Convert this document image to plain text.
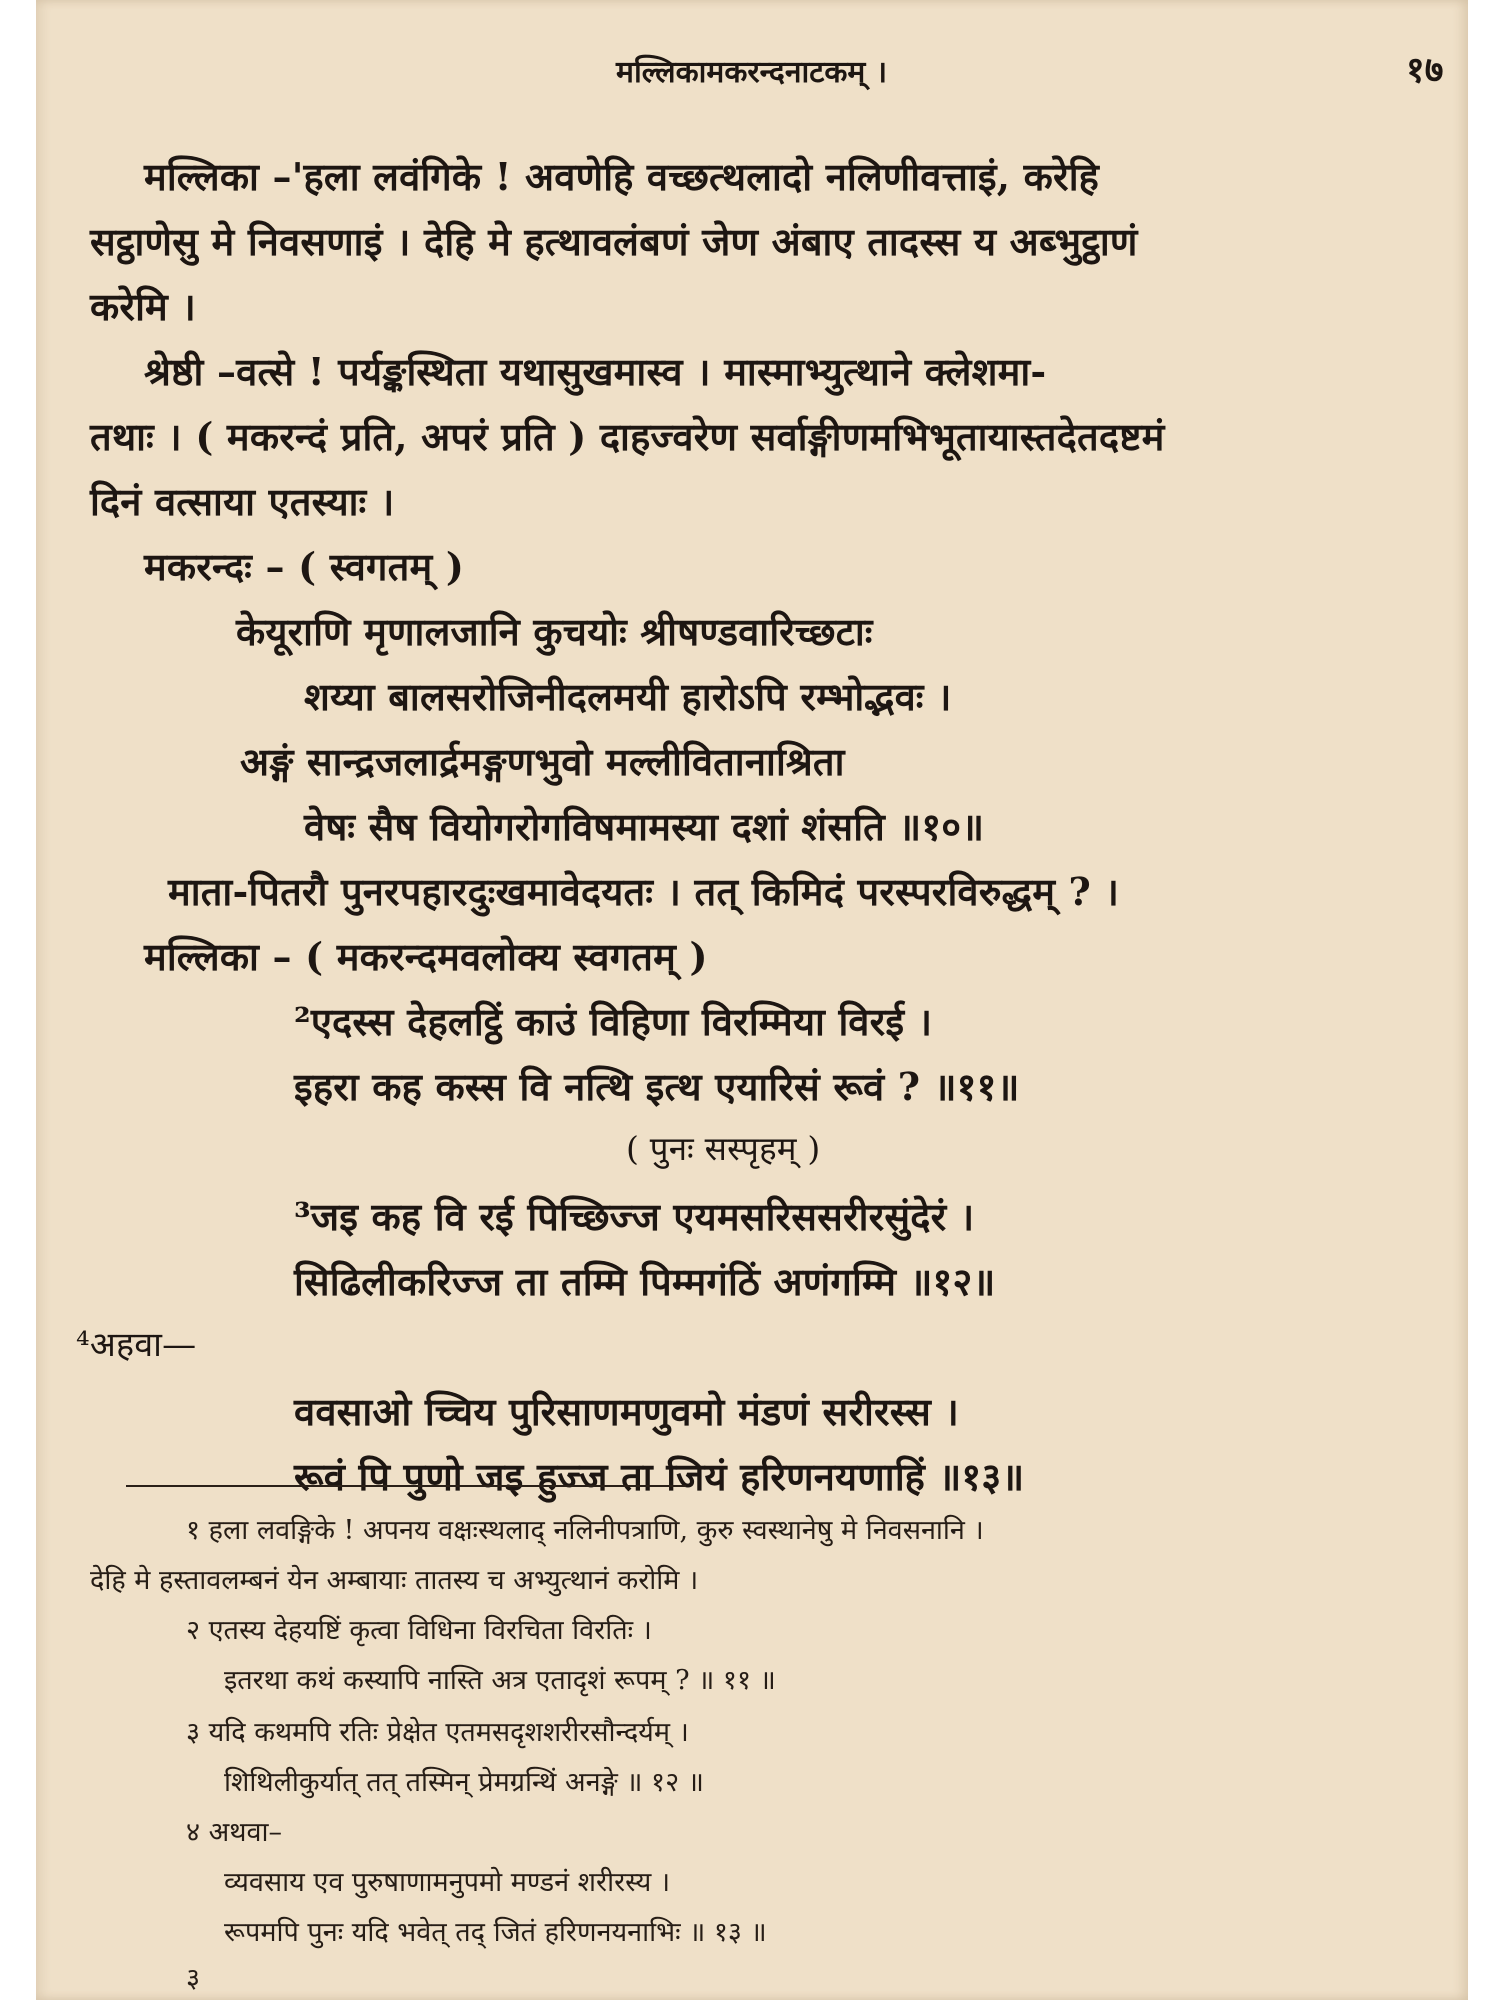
मल्लिकामकरन्दनाटकम् ।	१७
मल्लिका –'हला लवंगिके ! अवणेहि वच्छत्थलादो नलिणीवत्ताइं, करेहि
सट्ठाणेसु मे निवसणाइं । देहि मे हत्थावलंबणं जेण अंबाए तादस्स य अब्भुट्ठाणं
करेमि ।
श्रेष्ठी –वत्से ! पर्यङ्कस्थिता यथासुखमास्व । मास्माभ्युत्थाने क्लेशमा-
तथाः । ( मकरन्दं प्रति, अपरं प्रति ) दाहज्वरेण सर्वाङ्गीणमभिभूतायास्तदेतदष्टमं
दिनं वत्साया एतस्याः ।
मकरन्दः – ( स्वगतम् )
केयूराणि मृणालजानि कुचयोः श्रीषण्डवारिच्छटाः
शय्या बालसरोजिनीदलमयी हारोऽपि रम्भोद्भवः ।
अङ्गं सान्द्रजलार्द्रमङ्गणभुवो मल्लीवितानाश्रिता
वेषः सैष वियोगरोगविषमामस्या दशां शंसति ॥१०॥
माता-पितरौ पुनरपहारदुःखमावेदयतः । तत् किमिदं परस्परविरुद्धम् ? ।
मल्लिका – ( मकरन्दमवलोक्य स्वगतम् )
²एदस्स देहलट्ठिं काउं विहिणा विरम्मिया विरई ।
इहरा कह कस्स वि नत्थि इत्थ एयारिसं रूवं ? ॥११॥
( पुनः सस्पृहम् )
³जइ कह वि रई पिच्छिज्ज एयमसरिससरीरसुंदेरं ।
सिढिलीकरिज्ज ता तम्मि पिम्मगंठिं अणंगम्मि ॥१२॥
⁴अहवा—
ववसाओ च्चिय पुरिसाणमणुवमो मंडणं सरीरस्स ।
रूवं पि पुणो जइ हुज्ज ता जियं हरिणनयणाहिं ॥१३॥
१ हला लवङ्गिके ! अपनय वक्षःस्थलाद् नलिनीपत्राणि, कुरु स्वस्थानेषु मे निवसनानि ।
देहि मे हस्तावलम्बनं येन अम्बायाः तातस्य च अभ्युत्थानं करोमि ।
२ एतस्य देहयष्टिं कृत्वा विधिना विरचिता विरतिः ।
इतरथा कथं कस्यापि नास्ति अत्र एतादृशं रूपम् ? ॥ ११ ॥
३ यदि कथमपि रतिः प्रेक्षेत एतमसदृशशरीरसौन्दर्यम् ।
शिथिलीकुर्यात् तत् तस्मिन् प्रेमग्रन्थिं अनङ्गे ॥ १२ ॥
४ अथवा–
व्यवसाय एव पुरुषाणामनुपमो मण्डनं शरीरस्य ।
रूपमपि पुनः यदि भवेत् तद् जितं हरिणनयनाभिः ॥ १३ ॥
३
